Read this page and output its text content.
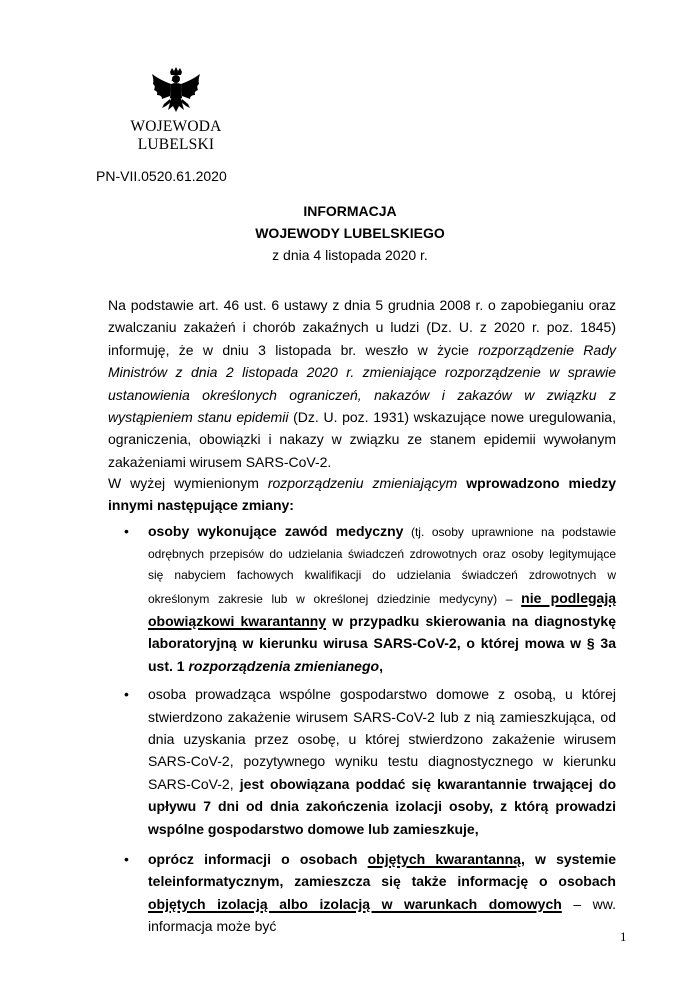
WOJEWODA LUBELSKI
PN-VII.0520.61.2020
INFORMACJA
WOJEWODY LUBELSKIEGO
z dnia 4 listopada 2020 r.
Na podstawie art. 46 ust. 6 ustawy z dnia 5 grudnia 2008 r. o zapobieganiu oraz zwalczaniu zakażeń i chorób zakaźnych u ludzi (Dz. U. z 2020 r. poz. 1845) informuję, że w dniu 3 listopada br. weszło w życie rozporządzenie Rady Ministrów z dnia 2 listopada 2020 r. zmieniające rozporządzenie w sprawie ustanowienia określonych ograniczeń, nakazów i zakazów w związku z wystąpieniem stanu epidemii (Dz. U. poz. 1931) wskazujące nowe uregulowania, ograniczenia, obowiązki i nakazy w związku ze stanem epidemii wywołanym zakażeniami wirusem SARS-CoV-2.
W wyżej wymienionym rozporządzeniu zmieniającym wprowadzono miedzy innymi następujące zmiany:
• osoby wykonujące zawód medyczny (tj. osoby uprawnione na podstawie odrębnych przepisów do udzielania świadczeń zdrowotnych oraz osoby legitymujące się nabyciem fachowych kwalifikacji do udzielania świadczeń zdrowotnych w określonym zakresie lub w określonej dziedzinie medycyny) – nie podlegają obowiązkowi kwarantanny w przypadku skierowania na diagnostykę laboratoryjną w kierunku wirusa SARS-CoV-2, o której mowa w § 3a ust. 1 rozporządzenia zmienianego,
• osoba prowadząca wspólne gospodarstwo domowe z osobą, u której stwierdzono zakażenie wirusem SARS-CoV-2 lub z nią zamieszkująca, od dnia uzyskania przez osobę, u której stwierdzono zakażenie wirusem SARS-CoV-2, pozytywnego wyniku testu diagnostycznego w kierunku SARS-CoV-2, jest obowiązana poddać się kwarantannie trwającej do upływu 7 dni od dnia zakończenia izolacji osoby, z którą prowadzi wspólne gospodarstwo domowe lub zamieszkuje,
• oprócz informacji o osobach objętych kwarantanną, w systemie teleinformatycznym, zamieszcza się także informację o osobach objętych izolacją albo izolacją w warunkach domowych – ww. informacja może być
1
